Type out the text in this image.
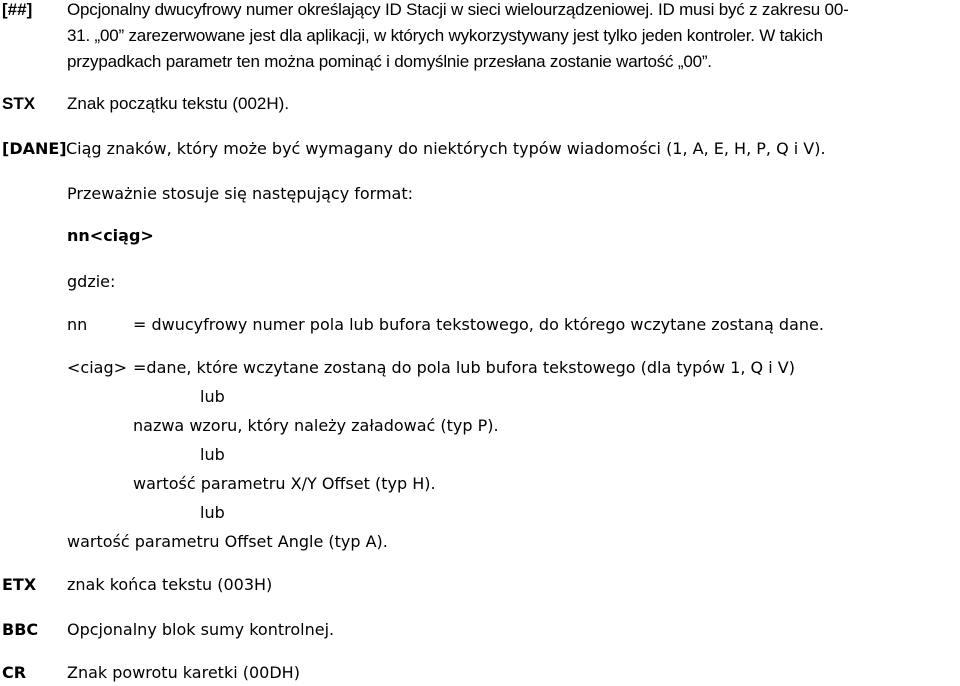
[##] Opcjonalny dwucyfrowy numer określający ID Stacji w sieci wielourządzeniowej. ID musi być z zakresu 00-
31. „00” zarezerwowane jest dla aplikacji, w których wykorzystywany jest tylko jeden kontroler. W takich
przypadkach parametr ten można pominąć i domyślnie przesłana zostanie wartość „00”.
STX Znak początku tekstu (002H).
[DANE] Ciąg znaków, który może być wymagany do niektórych typów wiadomości (1, A, E, H, P, Q i V).
Przeważnie stosuje się następujący format:
nn<ciąg>
gdzie:
nn	= dwucyfrowy numer pola lub bufora tekstowego, do którego wczytane zostaną dane.
<ciag> =dane, które wczytane zostaną do pola lub bufora tekstowego (dla typów 1, Q i V)
lub
nazwa wzoru, który należy załadować (typ P).
lub
wartość parametru X/Y Offset (typ H).
lub
wartość parametru Offset Angle (typ A).
ETX znak końca tekstu (003H)
BBC Opcjonalny blok sumy kontrolnej.
CR	Znak powrotu karetki (00DH)
